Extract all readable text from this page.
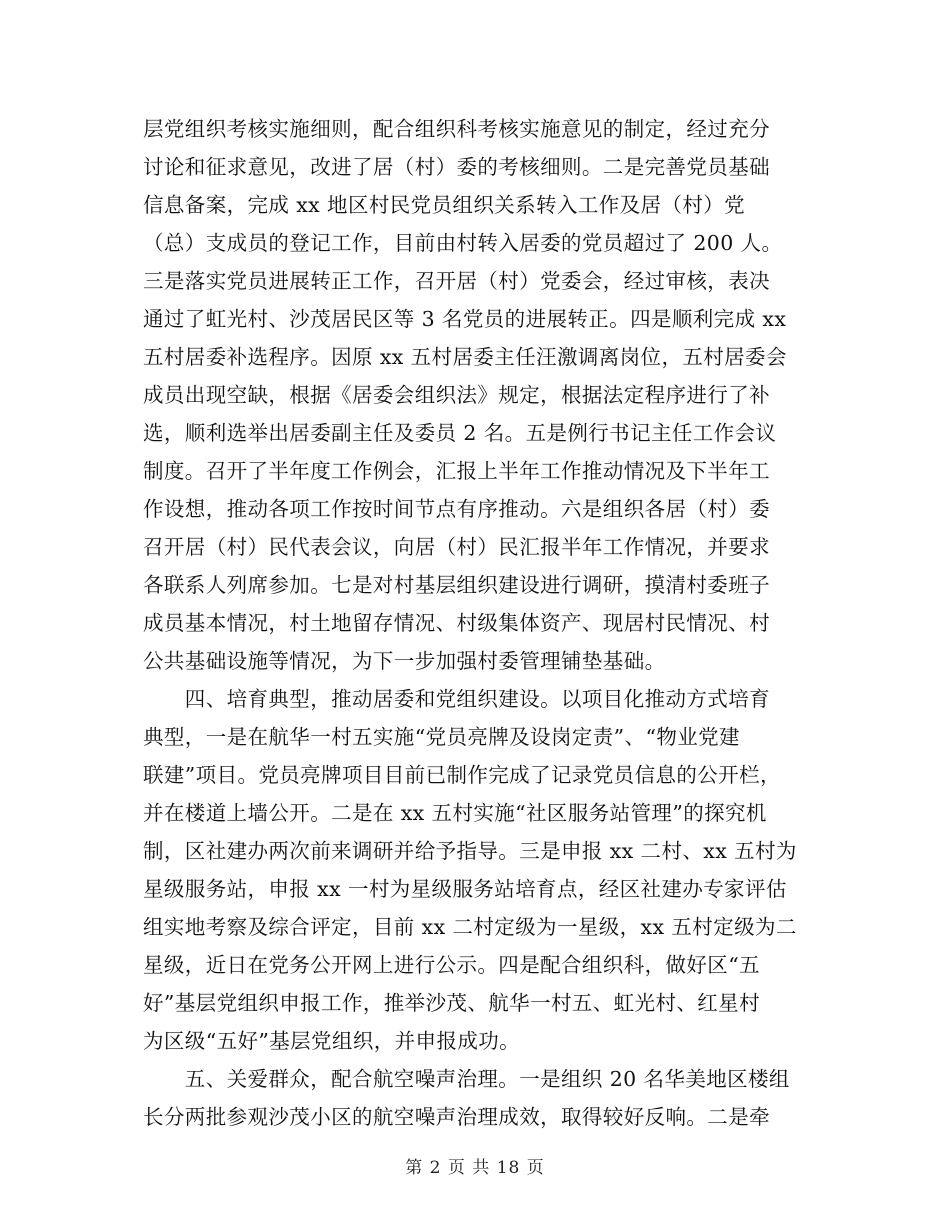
层党组织考核实施细则，配合组织科考核实施意见的制定，经过充分
讨论和征求意见，改进了居（村）委的考核细则。二是完善党员基础
信息备案，完成 xx 地区村民党员组织关系转入工作及居（村）党
（总）支成员的登记工作，目前由村转入居委的党员超过了 200 人。
三是落实党员进展转正工作，召开居（村）党委会，经过审核，表决
通过了虹光村、沙茂居民区等 3 名党员的进展转正。四是顺利完成 xx
五村居委补选程序。因原 xx 五村居委主任汪激调离岗位，五村居委会
成员出现空缺，根据《居委会组织法》规定，根据法定程序进行了补
选，顺利选举出居委副主任及委员 2 名。五是例行书记主任工作会议
制度。召开了半年度工作例会，汇报上半年工作推动情况及下半年工
作设想，推动各项工作按时间节点有序推动。六是组织各居（村）委
召开居（村）民代表会议，向居（村）民汇报半年工作情况，并要求
各联系人列席参加。七是对村基层组织建设进行调研，摸清村委班子
成员基本情况，村土地留存情况、村级集体资产、现居村民情况、村
公共基础设施等情况，为下一步加强村委管理铺垫基础。
　　四、培育典型，推动居委和党组织建设。以项目化推动方式培育
典型，一是在航华一村五实施“党员亮牌及设岗定责”、“物业党建
联建”项目。党员亮牌项目目前已制作完成了记录党员信息的公开栏，
并在楼道上墙公开。二是在 xx 五村实施“社区服务站管理”的探究机
制，区社建办两次前来调研并给予指导。三是申报 xx 二村、xx 五村为
星级服务站，申报 xx 一村为星级服务站培育点，经区社建办专家评估
组实地考察及综合评定，目前 xx 二村定级为一星级，xx 五村定级为二
星级，近日在党务公开网上进行公示。四是配合组织科，做好区“五
好”基层党组织申报工作，推举沙茂、航华一村五、虹光村、红星村
为区级“五好”基层党组织，并申报成功。
　　五、关爱群众，配合航空噪声治理。一是组织 20 名华美地区楼组
长分两批参观沙茂小区的航空噪声治理成效，取得较好反响。二是牵
第 2 页 共 18 页
